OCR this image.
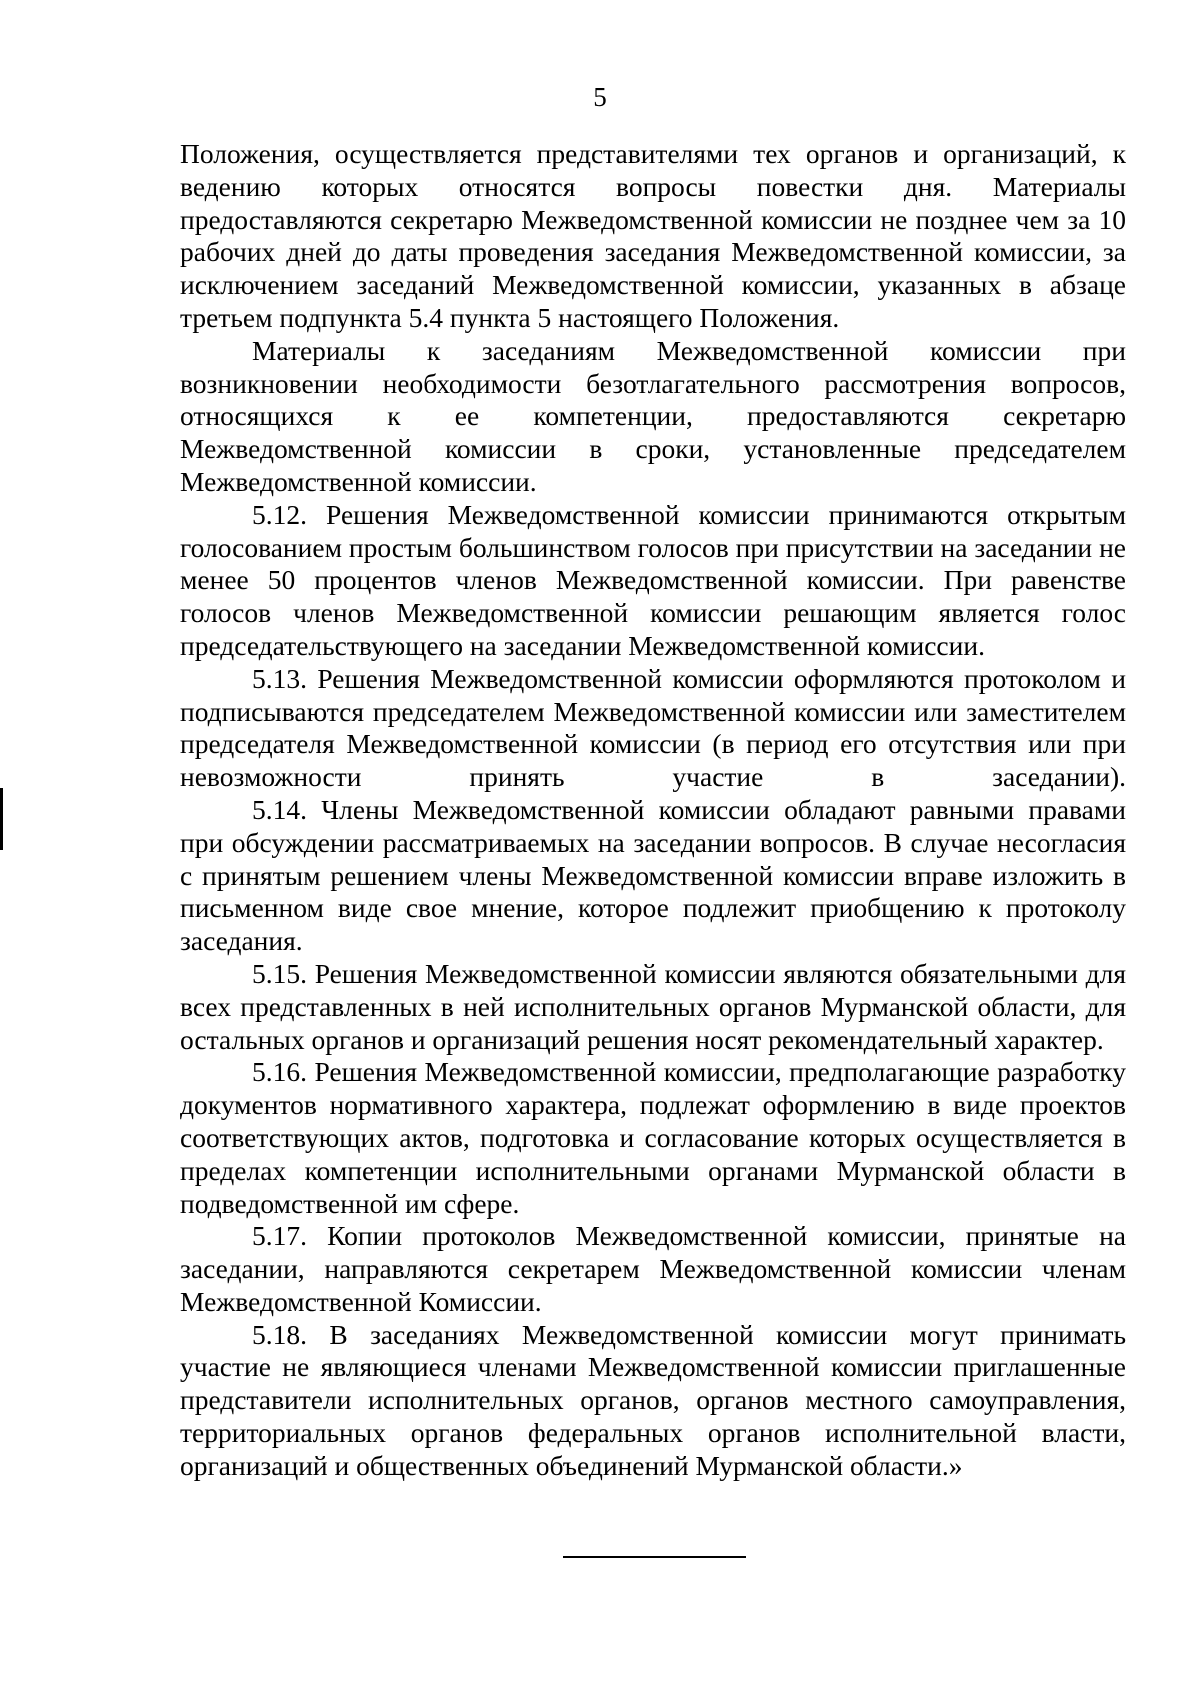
5

Положения, осуществляется представителями тех органов и организаций, к ведению которых относятся вопросы повестки дня. Материалы предоставляются секретарю Межведомственной комиссии не позднее чем за 10 рабочих дней до даты проведения заседания Межведомственной комиссии, за исключением заседаний Межведомственной комиссии, указанных в абзаце третьем подпункта 5.4 пункта 5 настоящего Положения.

Материалы к заседаниям Межведомственной комиссии при возникновении необходимости безотлагательного рассмотрения вопросов, относящихся к ее компетенции, предоставляются секретарю Межведомственной комиссии в сроки, установленные председателем Межведомственной комиссии.

5.12. Решения Межведомственной комиссии принимаются открытым голосованием простым большинством голосов при присутствии на заседании не менее 50 процентов членов Межведомственной комиссии. При равенстве голосов членов Межведомственной комиссии решающим является голос председательствующего на заседании Межведомственной комиссии.

5.13. Решения Межведомственной комиссии оформляются протоколом и подписываются председателем Межведомственной комиссии или заместителем председателя Межведомственной комиссии (в период его отсутствия или при невозможности принять участие в заседании).

5.14. Члены Межведомственной комиссии обладают равными правами при обсуждении рассматриваемых на заседании вопросов. В случае несогласия с принятым решением члены Межведомственной комиссии вправе изложить в письменном виде свое мнение, которое подлежит приобщению к протоколу заседания.

5.15. Решения Межведомственной комиссии являются обязательными для всех представленных в ней исполнительных органов Мурманской области, для остальных органов и организаций решения носят рекомендательный характер.

5.16. Решения Межведомственной комиссии, предполагающие разработку документов нормативного характера, подлежат оформлению в виде проектов соответствующих актов, подготовка и согласование которых осуществляется в пределах компетенции исполнительными органами Мурманской области в подведомственной им сфере.

5.17. Копии протоколов Межведомственной комиссии, принятые на заседании, направляются секретарем Межведомственной комиссии членам Межведомственной Комиссии.

5.18. В заседаниях Межведомственной комиссии могут принимать участие не являющиеся членами Межведомственной комиссии приглашенные представители исполнительных органов, органов местного самоуправления, территориальных органов федеральных органов исполнительной власти, организаций и общественных объединений Мурманской области.»
